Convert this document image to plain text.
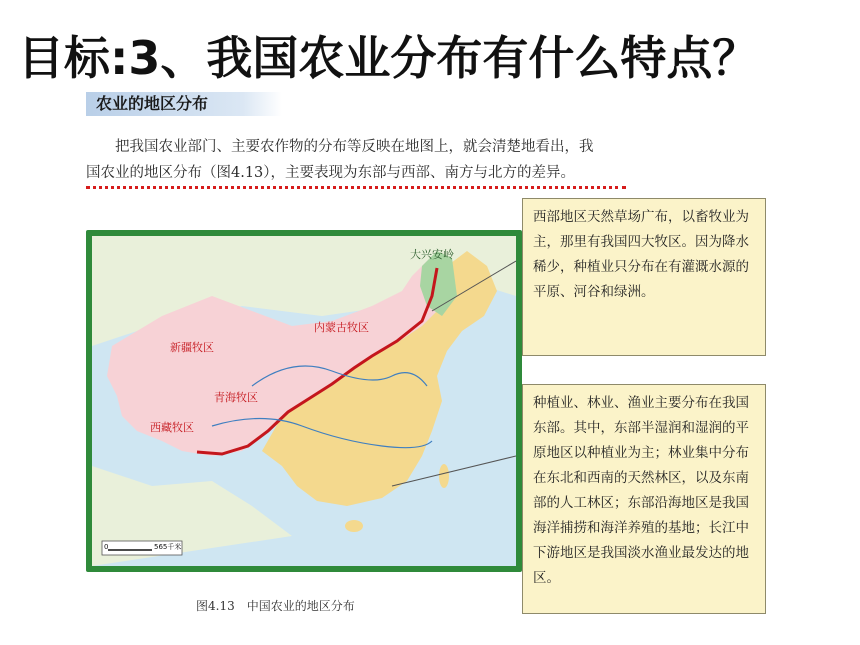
目标:3、我国农业分布有什么特点？
农业的地区分布

把我国农业部门、主要农作物的分布等反映在地图上，就会清楚地看出，我

国农业的地区分布（图4.13），主要表现为东部与西部、南方与北方的差异。

0	565千米
新疆牧区
青海牧区
西藏牧区
内蒙古牧区
大兴安岭
图4.13　中国农业的地区分布
西部地区天然草场广布，以畜牧业为主，那里有我国四大牧区。因为降水稀少，种植业只分布在有灌溉水源的平原、河谷和绿洲。
种植业、林业、渔业主要分布在我国东部。其中，东部半湿润和湿润的平原地区以种植业为主；林业集中分布在东北和西南的天然林区，以及东南部的人工林区；东部沿海地区是我国海洋捕捞和海洋养殖的基地；长江中下游地区是我国淡水渔业最发达的地区。
